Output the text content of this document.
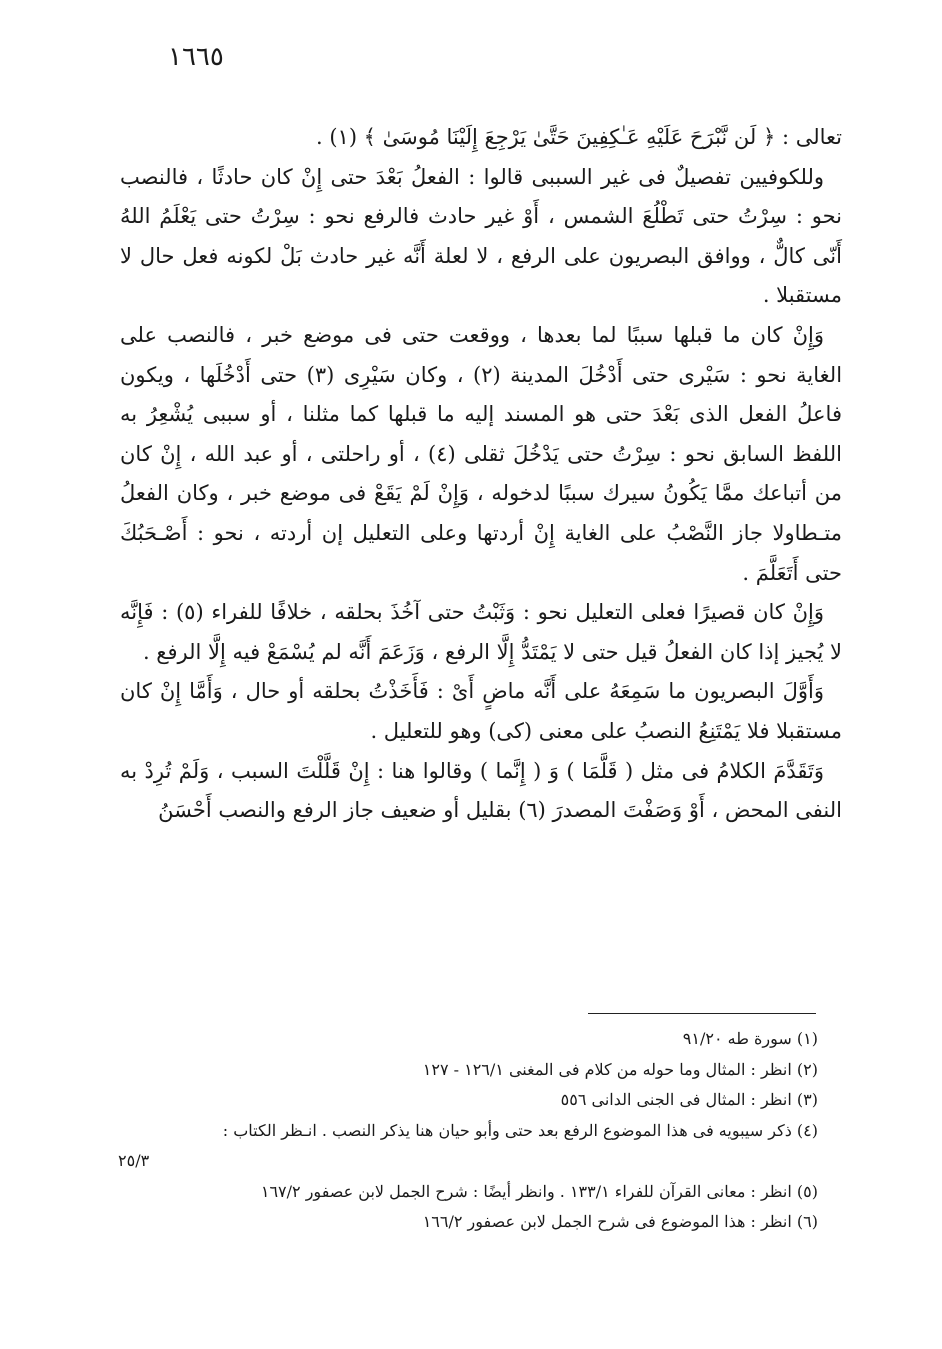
١٦٦٥

تعالى : ﴿ لَن نَّبْرَحَ عَلَيْهِ عَـٰكِفِينَ حَتَّىٰ يَرْجِعَ إِلَيْنَا مُوسَىٰ ﴾ (١) .

وللكوفيين تفصيلٌ فى غير السببى قالوا : الفعلُ بَعْدَ حتى إِنْ كان حادثًا ، فالنصب نحو : سِرْتُ حتى تَطْلُعَ الشمس ، أَوْ غير حادث فالرفع نحو : سِرْتُ حتى يَعْلَمُ اللهُ أَنّى كالٌّ ، ووافق البصريون على الرفع ، لا لعلة أَنَّه غير حادث بَلْ لكونه فعل حال لا مستقبلا .

وَإِنْ كان ما قبلها سببًا لما بعدها ، ووقعت حتى فى موضع خبر ، فالنصب على الغاية نحو : سَيْرى حتى أَدْخُلَ المدينة (٢) ، وكان سَيْرِى (٣) حتى أَدْخُلَها ، ويكون فاعلُ الفعل الذى بَعْدَ حتى هو المسند إليه ما قبلها كما مثلنا ، أو سببى يُشْعِرُ به اللفظ السابق نحو : سِرْتُ حتى يَدْخُلَ ثقلى (٤) ، أو راحلتى ، أو عبد الله ، إِنْ كان من أتباعك ممَّا يَكُونُ سيرك سببًا لدخوله ، وَإِنْ لَمْ يَقَعْ فى موضع خبر ، وكان الفعلُ متـطاولا جاز النَّصْبُ على الغاية إِنْ أردتها وعلى التعليل إن أردته ، نحو : أَصْـحَبُكَ حتى أَتَعَلَّمَ .

وَإِنْ كان قصيرًا فعلى التعليل نحو : وَثَبْتُ حتى آخُذَ بحلقه ، خلافًا للفراء (٥) : فَإِنَّه لا يُجيز إذا كان الفعلُ قيل حتى لا يَمْتَدُّ إِلَّا الرفع ، وَزَعَمَ أَنَّه لم يُسْمَعْ فيه إِلَّا الرفع .

وَأَوَّلَ البصريون ما سَمِعَهُ على أَنَّه ماضٍ أَىْ : فَأَخَذْتُ بحلقه أو حال ، وَأَمَّا إِنْ كان مستقبلا فلا يَمْتَنِعُ النصبُ على معنى (كى) وهو للتعليل .

وَتَقَدَّمَ الكلامُ فى مثل ( قَلَّمَا ) وَ ( إِنَّما ) وقالوا هنا : إِنْ قَلَّلْتَ السبب ، وَلَمْ تُرِدْ به النفى المحض ، أَوْ وَصَفْتَ المصدرَ (٦) بقليل أو ضعيف جاز الرفع والنصب أَحْسَنُ

(١) سورة طه ٩١/٢٠

(٢) انظر : المثال وما حوله من كلام فى المغنى ١٢٦/١ - ١٢٧

(٣) انظر : المثال فى الجنى الدانى ٥٥٦

(٤) ذكر سيبويه فى هذا الموضوع الرفع بعد حتى وأبو حيان هنا يذكر النصب . انـظر الكتاب :

٢٥/٣

(٥) انظر : معانى القرآن للفراء ١٣٣/١ . وانظر أيضًا : شرح الجمل لابن عصفور ١٦٧/٢

(٦) انظر : هذا الموضوع فى شرح الجمل لابن عصفور ١٦٦/٢
